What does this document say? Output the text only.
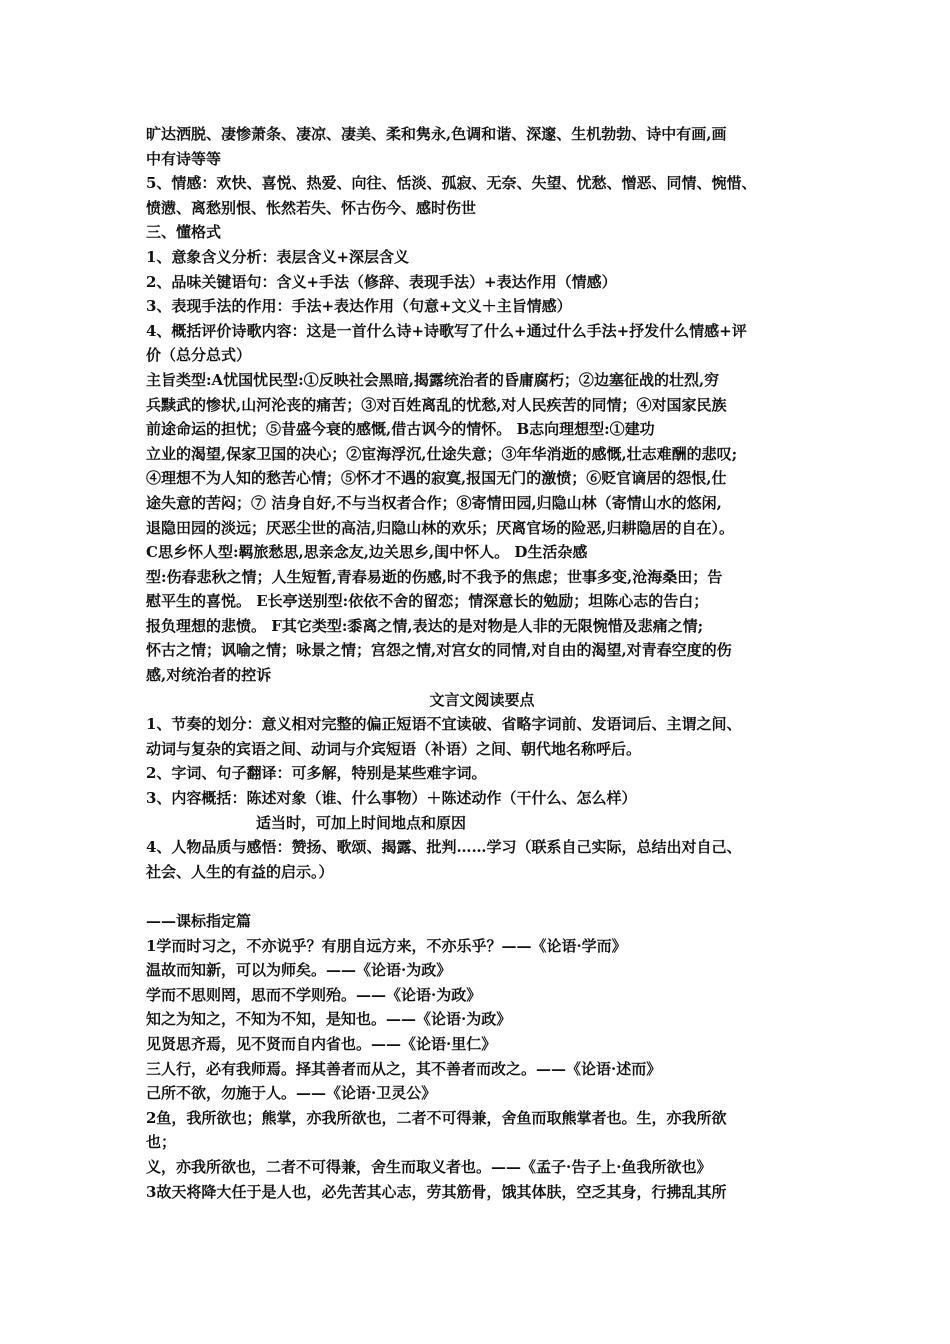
旷达洒脱、凄惨萧条、凄凉、凄美、柔和隽永,色调和谐、深邃、生机勃勃、诗中有画,画
中有诗等等
5、情感：欢快、喜悦、热爱、向往、恬淡、孤寂、无奈、失望、忧愁、憎恶、同情、惋惜、
愤懑、离愁别恨、怅然若失、怀古伤今、感时伤世
三、懂格式
1、意象含义分析：表层含义+深层含义
2、品味关键语句：含义+手法（修辞、表现手法）+表达作用（情感）
3、表现手法的作用：手法+表达作用（句意+文义＋主旨情感）
4、概括评价诗歌内容：这是一首什么诗+诗歌写了什么+通过什么手法+抒发什么情感+评
价（总分总式）
主旨类型:A忧国忧民型:①反映社会黑暗,揭露统治者的昏庸腐朽；②边塞征战的壮烈,穷
兵黩武的惨状,山河沦丧的痛苦；③对百姓离乱的忧愁,对人民疾苦的同情；④对国家民族
前途命运的担忧；⑤昔盛今衰的感慨,借古讽今的情怀。 B志向理想型:①建功
立业的渴望,保家卫国的决心；②宦海浮沉,仕途失意；③年华消逝的感慨,壮志难酬的悲叹;
④理想不为人知的愁苦心情；⑤怀才不遇的寂寞,报国无门的激愤；⑥贬官谪居的怨恨,仕
途失意的苦闷；⑦ 洁身自好,不与当权者合作；⑧寄情田园,归隐山林（寄情山水的悠闲,
退隐田园的淡远；厌恶尘世的高洁,归隐山林的欢乐；厌离官场的险恶,归耕隐居的自在）。
C思乡怀人型:羁旅愁思,思亲念友,边关思乡,闺中怀人。 D生活杂感
型:伤春悲秋之情；人生短暂,青春易逝的伤感,时不我予的焦虑；世事多变,沧海桑田；告
慰平生的喜悦。 E长亭送别型:依依不舍的留恋；情深意长的勉励；坦陈心志的告白；
报负理想的悲愤。 F其它类型:黍离之情,表达的是对物是人非的无限惋惜及悲痛之情;
怀古之情；讽喻之情；咏景之情；宫怨之情,对宫女的同情,对自由的渴望,对青春空度的伤
感,对统治者的控诉
文言文阅读要点
1、节奏的划分：意义相对完整的偏正短语不宜读破、省略字词前、发语词后、主谓之间、
动词与复杂的宾语之间、动词与介宾短语（补语）之间、朝代地名称呼后。
2、字词、句子翻译：可多解，特别是某些难字词。
3、内容概括：陈述对象（谁、什么事物）＋陈述动作（干什么、怎么样）
适当时，可加上时间地点和原因
4、人物品质与感悟：赞扬、歌颂、揭露、批判……学习（联系自己实际，总结出对自己、
社会、人生的有益的启示。）

——课标指定篇
1学而时习之，不亦说乎？有朋自远方来，不亦乐乎？——《论语·学而》
温故而知新，可以为师矣。——《论语·为政》
学而不思则罔，思而不学则殆。——《论语·为政》
知之为知之，不知为不知，是知也。——《论语·为政》
见贤思齐焉，见不贤而自内省也。——《论语·里仁》
三人行，必有我师焉。择其善者而从之，其不善者而改之。——《论语·述而》
己所不欲，勿施于人。——《论语·卫灵公》
2鱼，我所欲也；熊掌，亦我所欲也，二者不可得兼，舍鱼而取熊掌者也。生，亦我所欲
也；
义，亦我所欲也，二者不可得兼，舍生而取义者也。——《孟子·告子上·鱼我所欲也》
3故天将降大任于是人也，必先苦其心志，劳其筋骨，饿其体肤，空乏其身，行拂乱其所
